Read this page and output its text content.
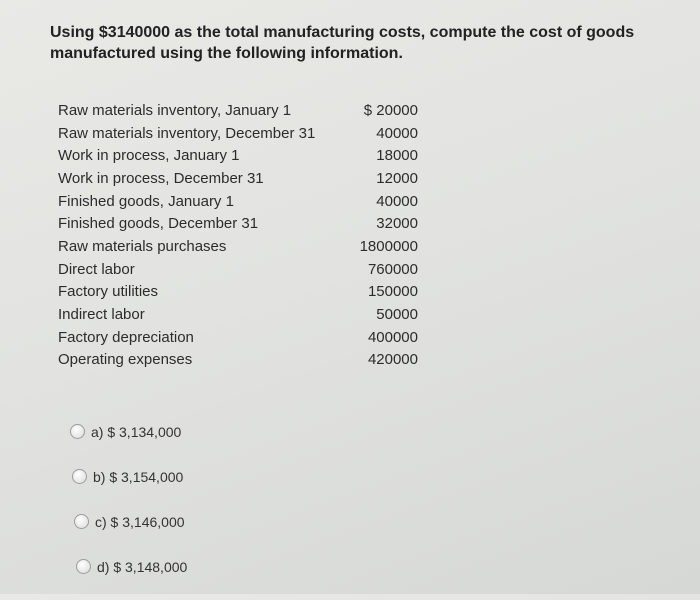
Using $3140000 as the total manufacturing costs, compute the cost of goods manufactured using the following information.
Raw materials inventory, January 1	$ 20000
Raw materials inventory, December 31	40000
Work in process, January 1	18000
Work in process, December 31	12000
Finished goods, January 1	40000
Finished goods, December 31	32000
Raw materials purchases	1800000
Direct labor	760000
Factory utilities	150000
Indirect labor	50000
Factory depreciation	400000
Operating expenses	420000
a) $ 3,134,000
b) $ 3,154,000
c) $ 3,146,000
d) $ 3,148,000
